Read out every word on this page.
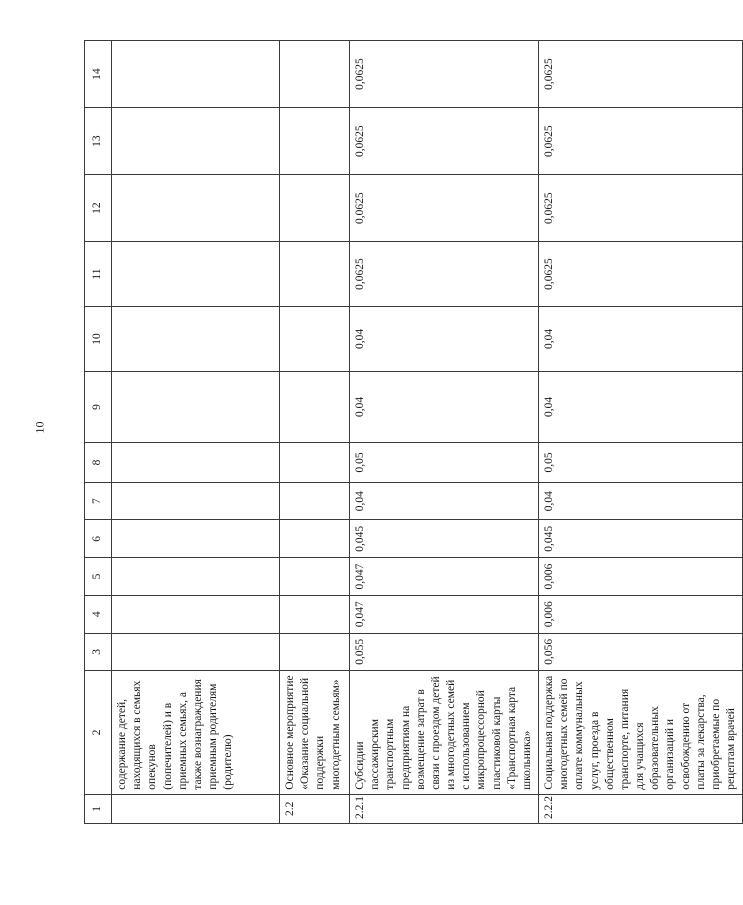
10
1	2	3	4	5	6	7	8	9	10	11	12	13	14
	содержание детей, находящихся в семьях опекунов (попечителей) и в приемных семьях, а также вознаграждения приемным родителям (родителю)												
2.2	Основное мероприятие «Оказание социальной поддержки многодетным семьям»												
2.2.1	Субсидии пассажирским транспортным предприятиям на возмещение затрат в связи с проездом детей из многодетных семей с использованием микропроцессорной пластиковой карты «Транспортная карта школьника»	0,055	0,047	0,047	0,045	0,04	0,05	0,04	0,04	0,0625	0,0625	0,0625	0,0625
2.2.2	Социальная поддержка многодетных семей по оплате коммунальных услуг, проезда в общественном транспорте, питания для учащихся образовательных организаций и освобождению от платы за лекарства, приобретаемые по рецептам врачей	0,056	0,006	0,006	0,045	0,04	0,05	0,04	0,04	0,0625	0,0625	0,0625	0,0625
